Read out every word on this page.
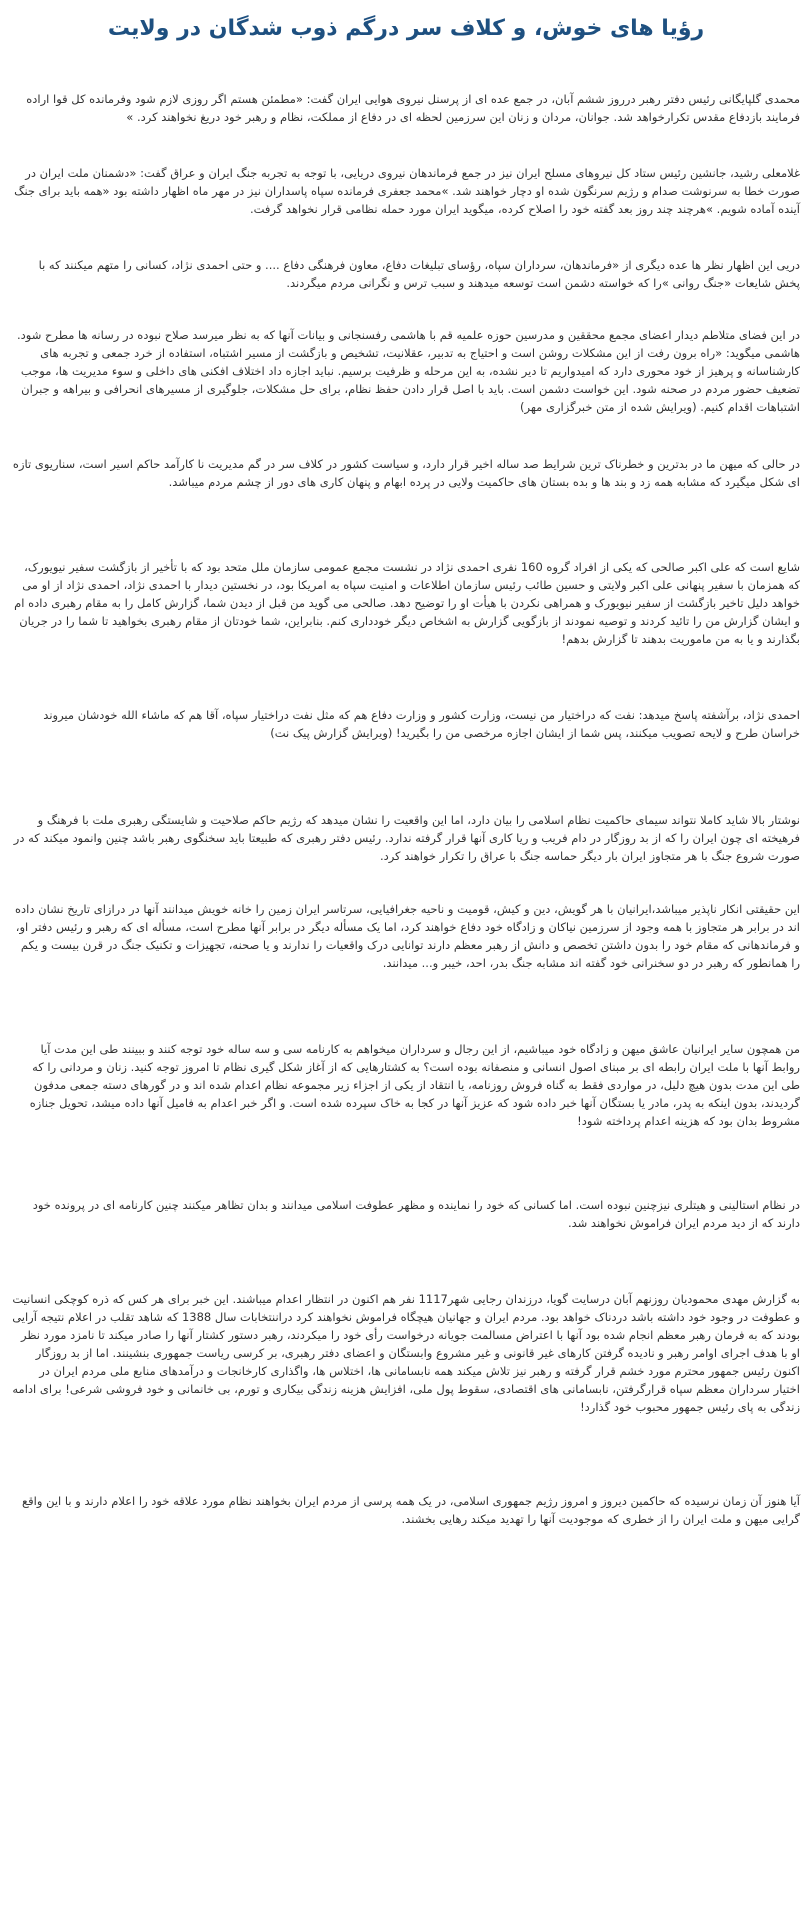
رؤیا های خوش، و کلاف سر درگم ذوب شدگان در ولایت

محمدی گلپایگانی رئیس دفتر رهبر درروز ششم آبان، در جمع عده ای از پرسنل نیروی هوایی ایران گفت: «مطمئن هستم اگر روزی لازم شود وفرمانده کل قوا اراده فرمایند بازدفاع مقدس تکرارخواهد شد. جوانان، مردان و زنان این سرزمین لحظه ای در دفاع از مملکت، نظام و رهبر خود دریغ نخواهند کرد. »

غلامعلی رشید، جانشین رئیس ستاد کل نیروهای مسلح ایران نیز در جمع فرماندهان نیروی دریایی، با توجه به تجربه جنگ ایران و عراق گفت: «دشمنان ملت ایران در صورت خطا به سرنوشت صدام و رژیم سرنگون شده او دچار خواهند شد. »محمد جعفری فرمانده سپاه پاسداران نیز در مهر ماه اظهار داشته بود «همه باید برای جنگ آینده آماده شویم. »هرچند چند روز بعد گفته خود را اصلاح کرده، میگوید ایران مورد حمله نظامی قرار نخواهد گرفت.

دریی این اظهار نظر ها عده دیگری از «فرماندهان، سرداران سپاه، رؤسای تبلیغات دفاع، معاون فرهنگی دفاع .... و حتی احمدی نژاد، کسانی را متهم میکنند که با پخش شایعات «جنگ روانی »را که خواسته دشمن است توسعه میدهند و سبب ترس و نگرانی مردم میگردند.

در این فضای متلاطم دیدار اعضای مجمع محققین و مدرسین حوزه علمیه قم با هاشمی رفسنجانی و بیانات آنها که به نظر میرسد صلاح نبوده در رسانه ها مطرح شود. هاشمی میگوید: «راه برون رفت از این مشکلات روشن است و احتیاج به تدبیر، عقلانیت، تشخیص و بازگشت از مسیر اشتباه، استفاده از خرد جمعی و تجربه های کارشناسانه و پرهیز از خود محوری دارد که امیدواریم تا دیر نشده، به این مرحله و ظرفیت برسیم. نباید اجازه داد اختلاف افکنی های داخلی و سوء مدیریت ها، موجب تضعیف حضور مردم در صحنه شود. این خواست دشمن است. باید با اصل قرار دادن حفظ نظام، برای حل مشکلات، جلوگیری از مسیرهای انحرافی و بیراهه و جبران اشتباهات اقدام کنیم. (ویرایش شده از متن خبرگزاری مهر)

در حالی که میهن ما در بدترین و خطرناک ترین شرایط صد ساله اخیر قرار دارد، و سیاست کشور در کلاف سر در گم مدیریت نا کارآمد حاکم اسیر است، سناریوی تازه ای شکل میگیرد که مشابه همه زد و بند ها و بده بستان های حاکمیت ولایی در پرده ابهام و پنهان کاری های دور از چشم مردم میباشد.

شایع است که علی اکبر صالحی که یکی از افراد گروه 160 نفری احمدی نژاد در نشست مجمع عمومی سازمان ملل متحد بود که با تأخیر از بازگشت سفیر نیویورک، که همزمان با سفیر پنهانی علی اکبر ولایتی و حسین طائب رئیس سازمان اطلاعات و امنیت سپاه به امریکا بود، در نخستین دیدار با احمدی نژاد، احمدی نژاد از او می خواهد دلیل تاخیر بازگشت از سفیر نیویورک و همراهی نکردن با هیأت او را توضیح دهد. صالحی می گوید من قبل از دیدن شما، گزارش کامل را به مقام رهبری داده ام و ایشان گزارش من را تائید کردند و توصیه نمودند از بازگویی گزارش به اشخاص دیگر خودداری کنم. بنابراین، شما خودتان از مقام رهبری بخواهید تا شما را در جریان بگذارند و یا به من ماموریت بدهند تا گزارش بدهم!

احمدی نژاد، برآشفته پاسخ میدهد: نفت که دراختیار من نیست، وزارت کشور و وزارت دفاع هم که مثل نفت دراختیار سپاه، آقا هم که ماشاء الله خودشان میروند خراسان طرح و لایحه تصویب میکنند، پس شما از ایشان اجازه مرخصی من را بگیرید! (ویرایش گزارش پیک نت)

نوشتار بالا شاید کاملا نتواند سیمای حاکمیت نظام اسلامی را بیان دارد، اما این واقعیت را نشان میدهد که رژیم حاکم صلاحیت و شایستگی رهبری ملت با فرهنگ و فرهیخته ای چون ایران را که از بد روزگار در دام فریب و ریا کاری آنها قرار گرفته ندارد. رئیس دفتر رهبری که طبیعتا باید سخنگوی رهبر باشد چنین وانمود میکند که در صورت شروع جنگ با هر متجاوز ایران بار دیگر حماسه جنگ با عراق را تکرار خواهند کرد.

این حقیقتی انکار ناپذیر میباشد،ایرانیان با هر گویش، دین و کیش، قومیت و ناحیه جغرافیایی، سرتاسر ایران زمین را خانه خویش میدانند آنها در درازای تاریخ نشان داده اند در برابر هر متجاوز با همه وجود از سرزمین نیاکان و زادگاه خود دفاع خواهند کرد، اما یک مسأله دیگر در برابر آنها مطرح است، مسأله ای که رهبر و رئیس دفتر او، و فرماندهانی که مقام خود را بدون داشتن تخصص و دانش از رهبر معظم دارند توانایی درک واقعیات را ندارند و یا صحنه، تجهیزات و تکنیک جنگ در قرن بیست و یکم را همانطور که رهبر در دو سخنرانی خود گفته اند مشابه جنگ بدر، احد، خیبر و... میدانند.

من همچون سایر ایرانیان عاشق میهن و زادگاه خود میباشیم، از این رجال و سرداران میخواهم به کارنامه سی و سه ساله خود توجه کنند و ببینند طی این مدت آیا روابط آنها با ملت ایران رابطه ای بر مبنای اصول انسانی و منصفانه بوده است؟ به کشتارهایی که از آغاز شکل گیری نظام تا امروز توجه کنید. زنان و مردانی را که طی این مدت بدون هیچ دلیل، در مواردی فقط به گناه فروش روزنامه، یا انتقاد از یکی از اجزاء زیر مجموعه نظام اعدام شده اند و در گورهای دسته جمعی مدفون گردیدند، بدون اینکه به پدر، مادر یا بستگان آنها خبر داده شود که عزیز آنها در کجا به خاک سپرده شده است. و اگر خبر اعدام به فامیل آنها داده میشد، تحویل جنازه مشروط بدان بود که هزینه اعدام پرداخته شود!

در نظام استالینی و هیتلری نیزچنین نبوده است. اما کسانی که خود را نماینده و مظهر عطوفت اسلامی میدانند و بدان تظاهر میکنند چنین کارنامه ای در پرونده خود دارند که از دید مردم ایران فراموش نخواهند شد.

به گزارش مهدی محمودیان روزنهم آبان درسایت گویا، درزندان رجایی شهر1117 نفر هم اکنون در انتظار اعدام میباشند. این خبر برای هر کس که ذره کوچکی انسانیت و عطوفت در وجود خود داشته باشد دردناک خواهد بود. مردم ایران و جهانیان هیچگاه فراموش نخواهند کرد دراننتخابات سال 1388 که شاهد تقلب در اعلام نتیجه آرایی بودند که به فرمان رهبر معظم انجام شده بود آنها با اعتراض مسالمت جویانه درخواست رأی خود را میکردند، رهبر دستور کشتار آنها را صادر میکند تا نامزد مورد نظر او با هدف اجرای اوامر رهبر و نادیده گرفتن کارهای غیر قانونی و غیر مشروع وابستگان و اعضای دفتر رهبری، بر کرسی ریاست جمهوری بنشینند. اما از بد روزگار اکنون رئیس جمهور محترم مورد خشم قرار گرفته و رهبر نیز تلاش میکند همه نابسامانی ها، اختلاس ها، واگذاری کارخانجات و درآمدهای منابع ملی مردم ایران در اختیار سرداران معظم سپاه قرارگرفتن، نابسامانی های اقتصادی، سقوط پول ملی، افزایش هزینه زندگی بیکاری و تورم، بی خانمانی و خود فروشی شرعی! برای ادامه زندگی به پای رئیس جمهور محبوب خود گذارد!

آیا هنوز آن زمان نرسیده که حاکمین دیروز و امروز رژیم جمهوری اسلامی، در یک همه پرسی از مردم ایران بخواهند نظام مورد علاقه خود را اعلام دارند و با این واقع گرایی میهن و ملت ایران را از خطری که موجودیت آنها را تهدید میکند رهایی بخشند.
